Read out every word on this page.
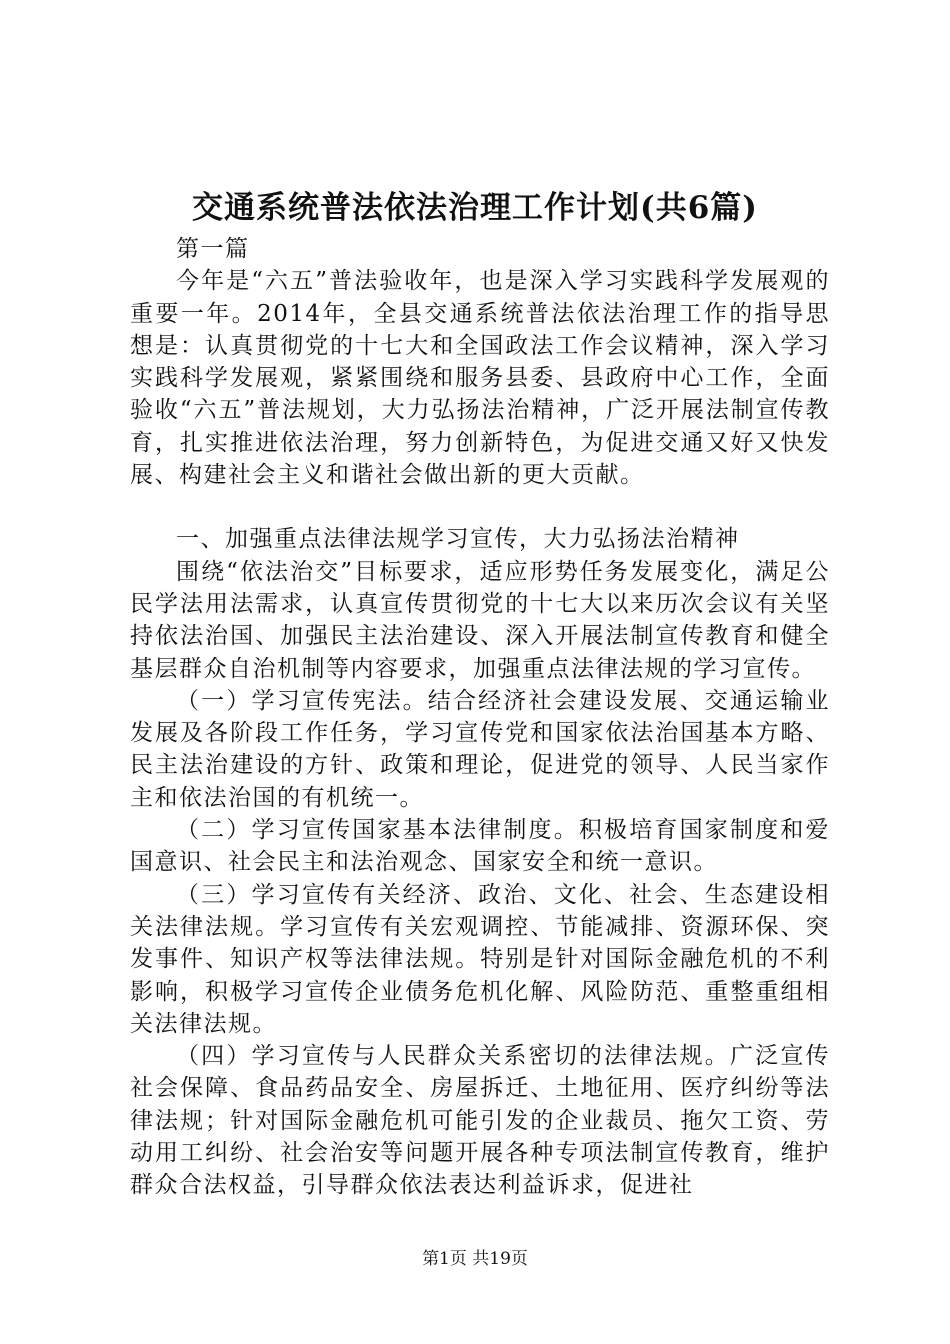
交通系统普法依法治理工作计划(共6篇)

第一篇

今年是“六五”普法验收年，也是深入学习实践科学发展观的重要一年。2014年，全县交通系统普法依法治理工作的指导思想是：认真贯彻党的十七大和全国政法工作会议精神，深入学习实践科学发展观，紧紧围绕和服务县委、县政府中心工作，全面验收“六五”普法规划，大力弘扬法治精神，广泛开展法制宣传教育，扎实推进依法治理，努力创新特色，为促进交通又好又快发展、构建社会主义和谐社会做出新的更大贡献。

一、加强重点法律法规学习宣传，大力弘扬法治精神

围绕“依法治交”目标要求，适应形势任务发展变化，满足公民学法用法需求，认真宣传贯彻党的十七大以来历次会议有关坚持依法治国、加强民主法治建设、深入开展法制宣传教育和健全基层群众自治机制等内容要求，加强重点法律法规的学习宣传。

（一）学习宣传宪法。结合经济社会建设发展、交通运输业发展及各阶段工作任务，学习宣传党和国家依法治国基本方略、民主法治建设的方针、政策和理论，促进党的领导、人民当家作主和依法治国的有机统一。

（二）学习宣传国家基本法律制度。积极培育国家制度和爱国意识、社会民主和法治观念、国家安全和统一意识。

（三）学习宣传有关经济、政治、文化、社会、生态建设相关法律法规。学习宣传有关宏观调控、节能减排、资源环保、突发事件、知识产权等法律法规。特别是针对国际金融危机的不利影响，积极学习宣传企业债务危机化解、风险防范、重整重组相关法律法规。

（四）学习宣传与人民群众关系密切的法律法规。广泛宣传社会保障、食品药品安全、房屋拆迁、土地征用、医疗纠纷等法律法规；针对国际金融危机可能引发的企业裁员、拖欠工资、劳动用工纠纷、社会治安等问题开展各种专项法制宣传教育，维护群众合法权益，引导群众依法表达利益诉求，促进社

第1页 共19页
